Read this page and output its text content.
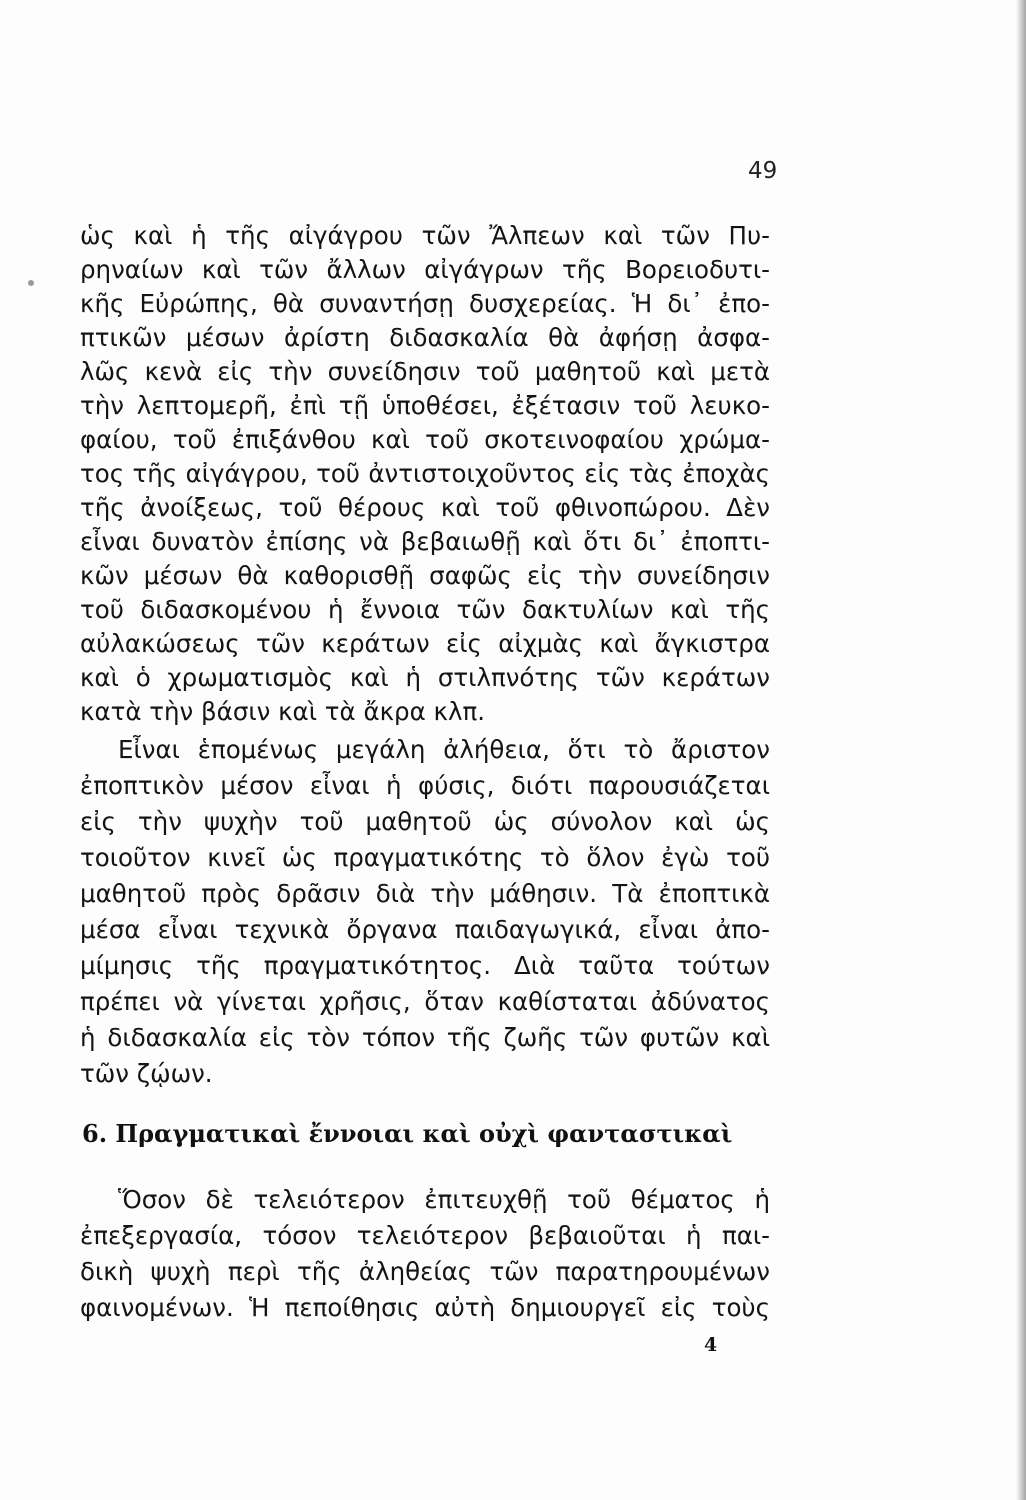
49
ὡς καὶ ἡ τῆς αἰγάγρου τῶν Ἄλπεων καὶ τῶν Πυ-
ρηναίων καὶ τῶν ἄλλων αἰγάγρων τῆς Βορειοδυτι-
κῆς Εὐρώπης, θὰ συναντήσῃ δυσχερείας. Ἡ δι᾿ ἐπο-
πτικῶν μέσων ἀρίστη διδασκαλία θὰ ἀφήσῃ ἀσφα-
λῶς κενὰ εἰς τὴν συνείδησιν τοῦ μαθητοῦ καὶ μετὰ
τὴν λεπτομερῆ, ἐπὶ τῇ ὑποθέσει, ἐξέτασιν τοῦ λευκο-
φαίου, τοῦ ἐπιξάνθου καὶ τοῦ σκοτεινοφαίου χρώμα-
τος τῆς αἰγάγρου, τοῦ ἀντιστοιχοῦντος εἰς τὰς ἐποχὰς
τῆς ἀνοίξεως, τοῦ θέρους καὶ τοῦ φθινοπώρου. Δὲν
εἶναι δυνατὸν ἐπίσης νὰ βεβαιωθῇ καὶ ὅτι δι᾿ ἐποπτι-
κῶν μέσων θὰ καθορισθῇ σαφῶς εἰς τὴν συνείδησιν
τοῦ διδασκομένου ἡ ἔννοια τῶν δακτυλίων καὶ τῆς
αὐλακώσεως τῶν κεράτων εἰς αἰχμὰς καὶ ἄγκιστρα
καὶ ὁ χρωματισμὸς καὶ ἡ στιλπνότης τῶν κεράτων
κατὰ τὴν βάσιν καὶ τὰ ἄκρα κλπ.
Εἶναι ἑπομένως μεγάλη ἀλήθεια, ὅτι τὸ ἄριστον
ἐποπτικὸν μέσον εἶναι ἡ φύσις, διότι παρουσιάζεται
εἰς τὴν ψυχὴν τοῦ μαθητοῦ ὡς σύνολον καὶ ὡς
τοιοῦτον κινεῖ ὡς πραγματικότης τὸ ὅλον ἐγὼ τοῦ
μαθητοῦ πρὸς δρᾶσιν διὰ τὴν μάθησιν. Τὰ ἐποπτικὰ
μέσα εἶναι τεχνικὰ ὄργανα παιδαγωγικά, εἶναι ἀπο-
μίμησις τῆς πραγματικότητος. Διὰ ταῦτα τούτων
πρέπει νὰ γίνεται χρῆσις, ὅταν καθίσταται ἀδύνατος
ἡ διδασκαλία εἰς τὸν τόπον τῆς ζωῆς τῶν φυτῶν καὶ
τῶν ζῴων.
6. Πραγματικαὶ ἔννοιαι καὶ οὐχὶ φανταστικαὶ
Ὅσον δὲ τελειότερον ἐπιτευχθῇ τοῦ θέματος ἡ
ἐπεξεργασία, τόσον τελειότερον βεβαιοῦται ἡ παι-
δικὴ ψυχὴ περὶ τῆς ἀληθείας τῶν παρατηρουμένων
φαινομένων. Ἡ πεποίθησις αὐτὴ δημιουργεῖ εἰς τοὺς
4
